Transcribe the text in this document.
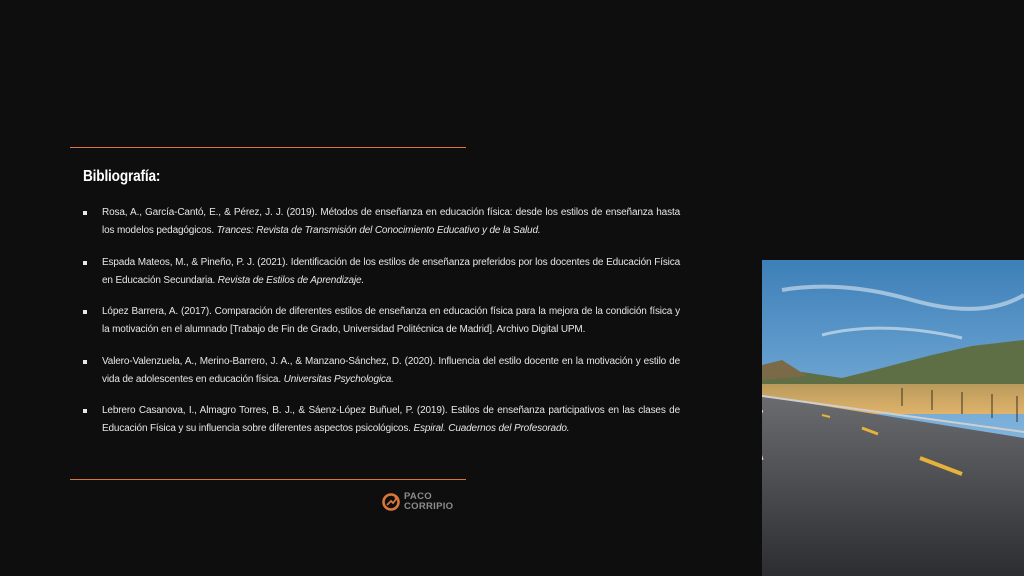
Bibliografía:
Rosa, A., García-Cantó, E., & Pérez, J. J. (2019). Métodos de enseñanza en educación física: desde los estilos de enseñanza hasta los modelos pedagógicos. Trances: Revista de Transmisión del Conocimiento Educativo y de la Salud.
Espada Mateos, M., & Pineño, P. J. (2021). Identificación de los estilos de enseñanza preferidos por los docentes de Educación Física en Educación Secundaria. Revista de Estilos de Aprendizaje.
López Barrera, A. (2017). Comparación de diferentes estilos de enseñanza en educación física para la mejora de la condición física y la motivación en el alumnado [Trabajo de Fin de Grado, Universidad Politécnica de Madrid]. Archivo Digital UPM.
Valero-Valenzuela, A., Merino-Barrero, J. A., & Manzano-Sánchez, D. (2020). Influencia del estilo docente en la motivación y estilo de vida de adolescentes en educación física. Universitas Psychologica.
Lebrero Casanova, I., Almagro Torres, B. J., & Sáenz-López Buñuel, P. (2019). Estilos de enseñanza participativos en las clases de Educación Física y su influencia sobre diferentes aspectos psicológicos. Espiral. Cuadernos del Profesorado.
PACO
CORRIPIO
